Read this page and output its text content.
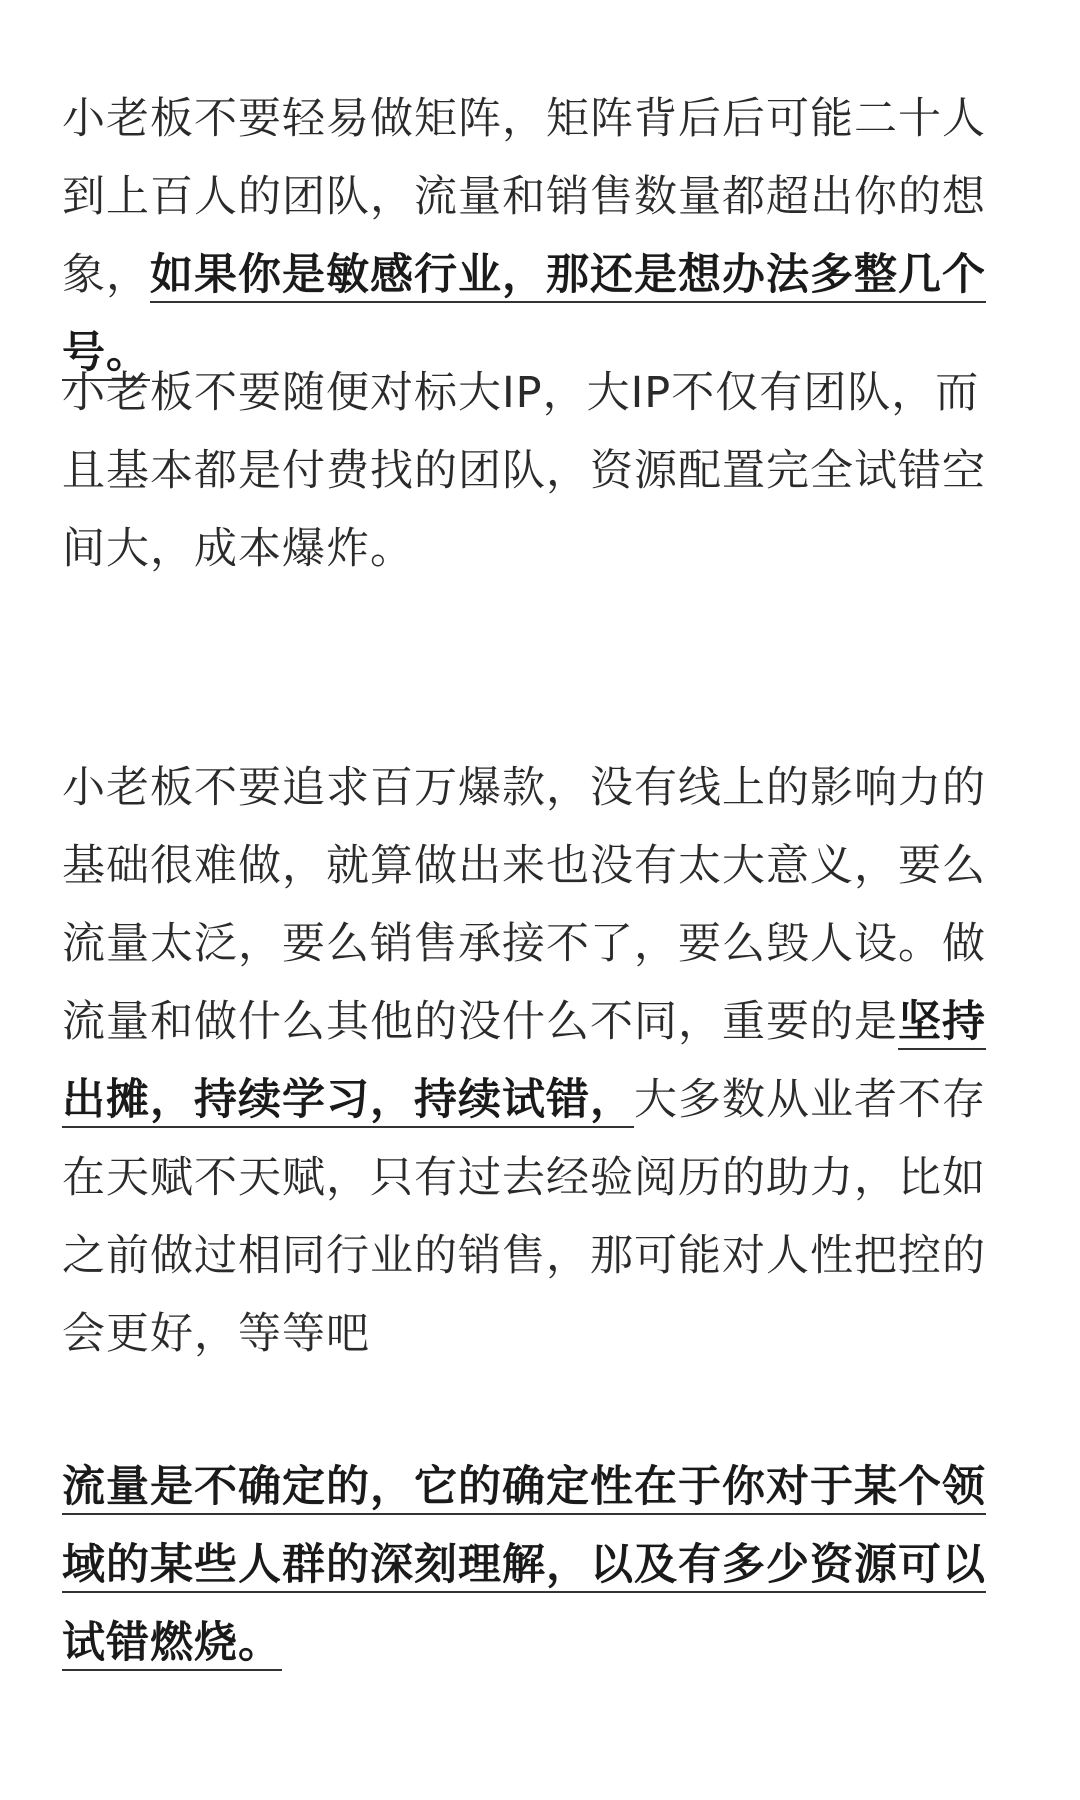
小老板不要轻易做矩阵，矩阵背后后可能二十人到上百人的团队，流量和销售数量都超出你的想象，如果你是敏感行业，那还是想办法多整几个号。

小老板不要随便对标大IP，大IP不仅有团队，而且基本都是付费找的团队，资源配置完全试错空间大，成本爆炸。

小老板不要追求百万爆款，没有线上的影响力的基础很难做，就算做出来也没有太大意义，要么流量太泛，要么销售承接不了，要么毁人设。做流量和做什么其他的没什么不同，重要的是坚持出摊，持续学习，持续试错，大多数从业者不存在天赋不天赋，只有过去经验阅历的助力，比如之前做过相同行业的销售，那可能对人性把控的会更好，等等吧

流量是不确定的，它的确定性在于你对于某个领域的某些人群的深刻理解，以及有多少资源可以试错燃烧。
